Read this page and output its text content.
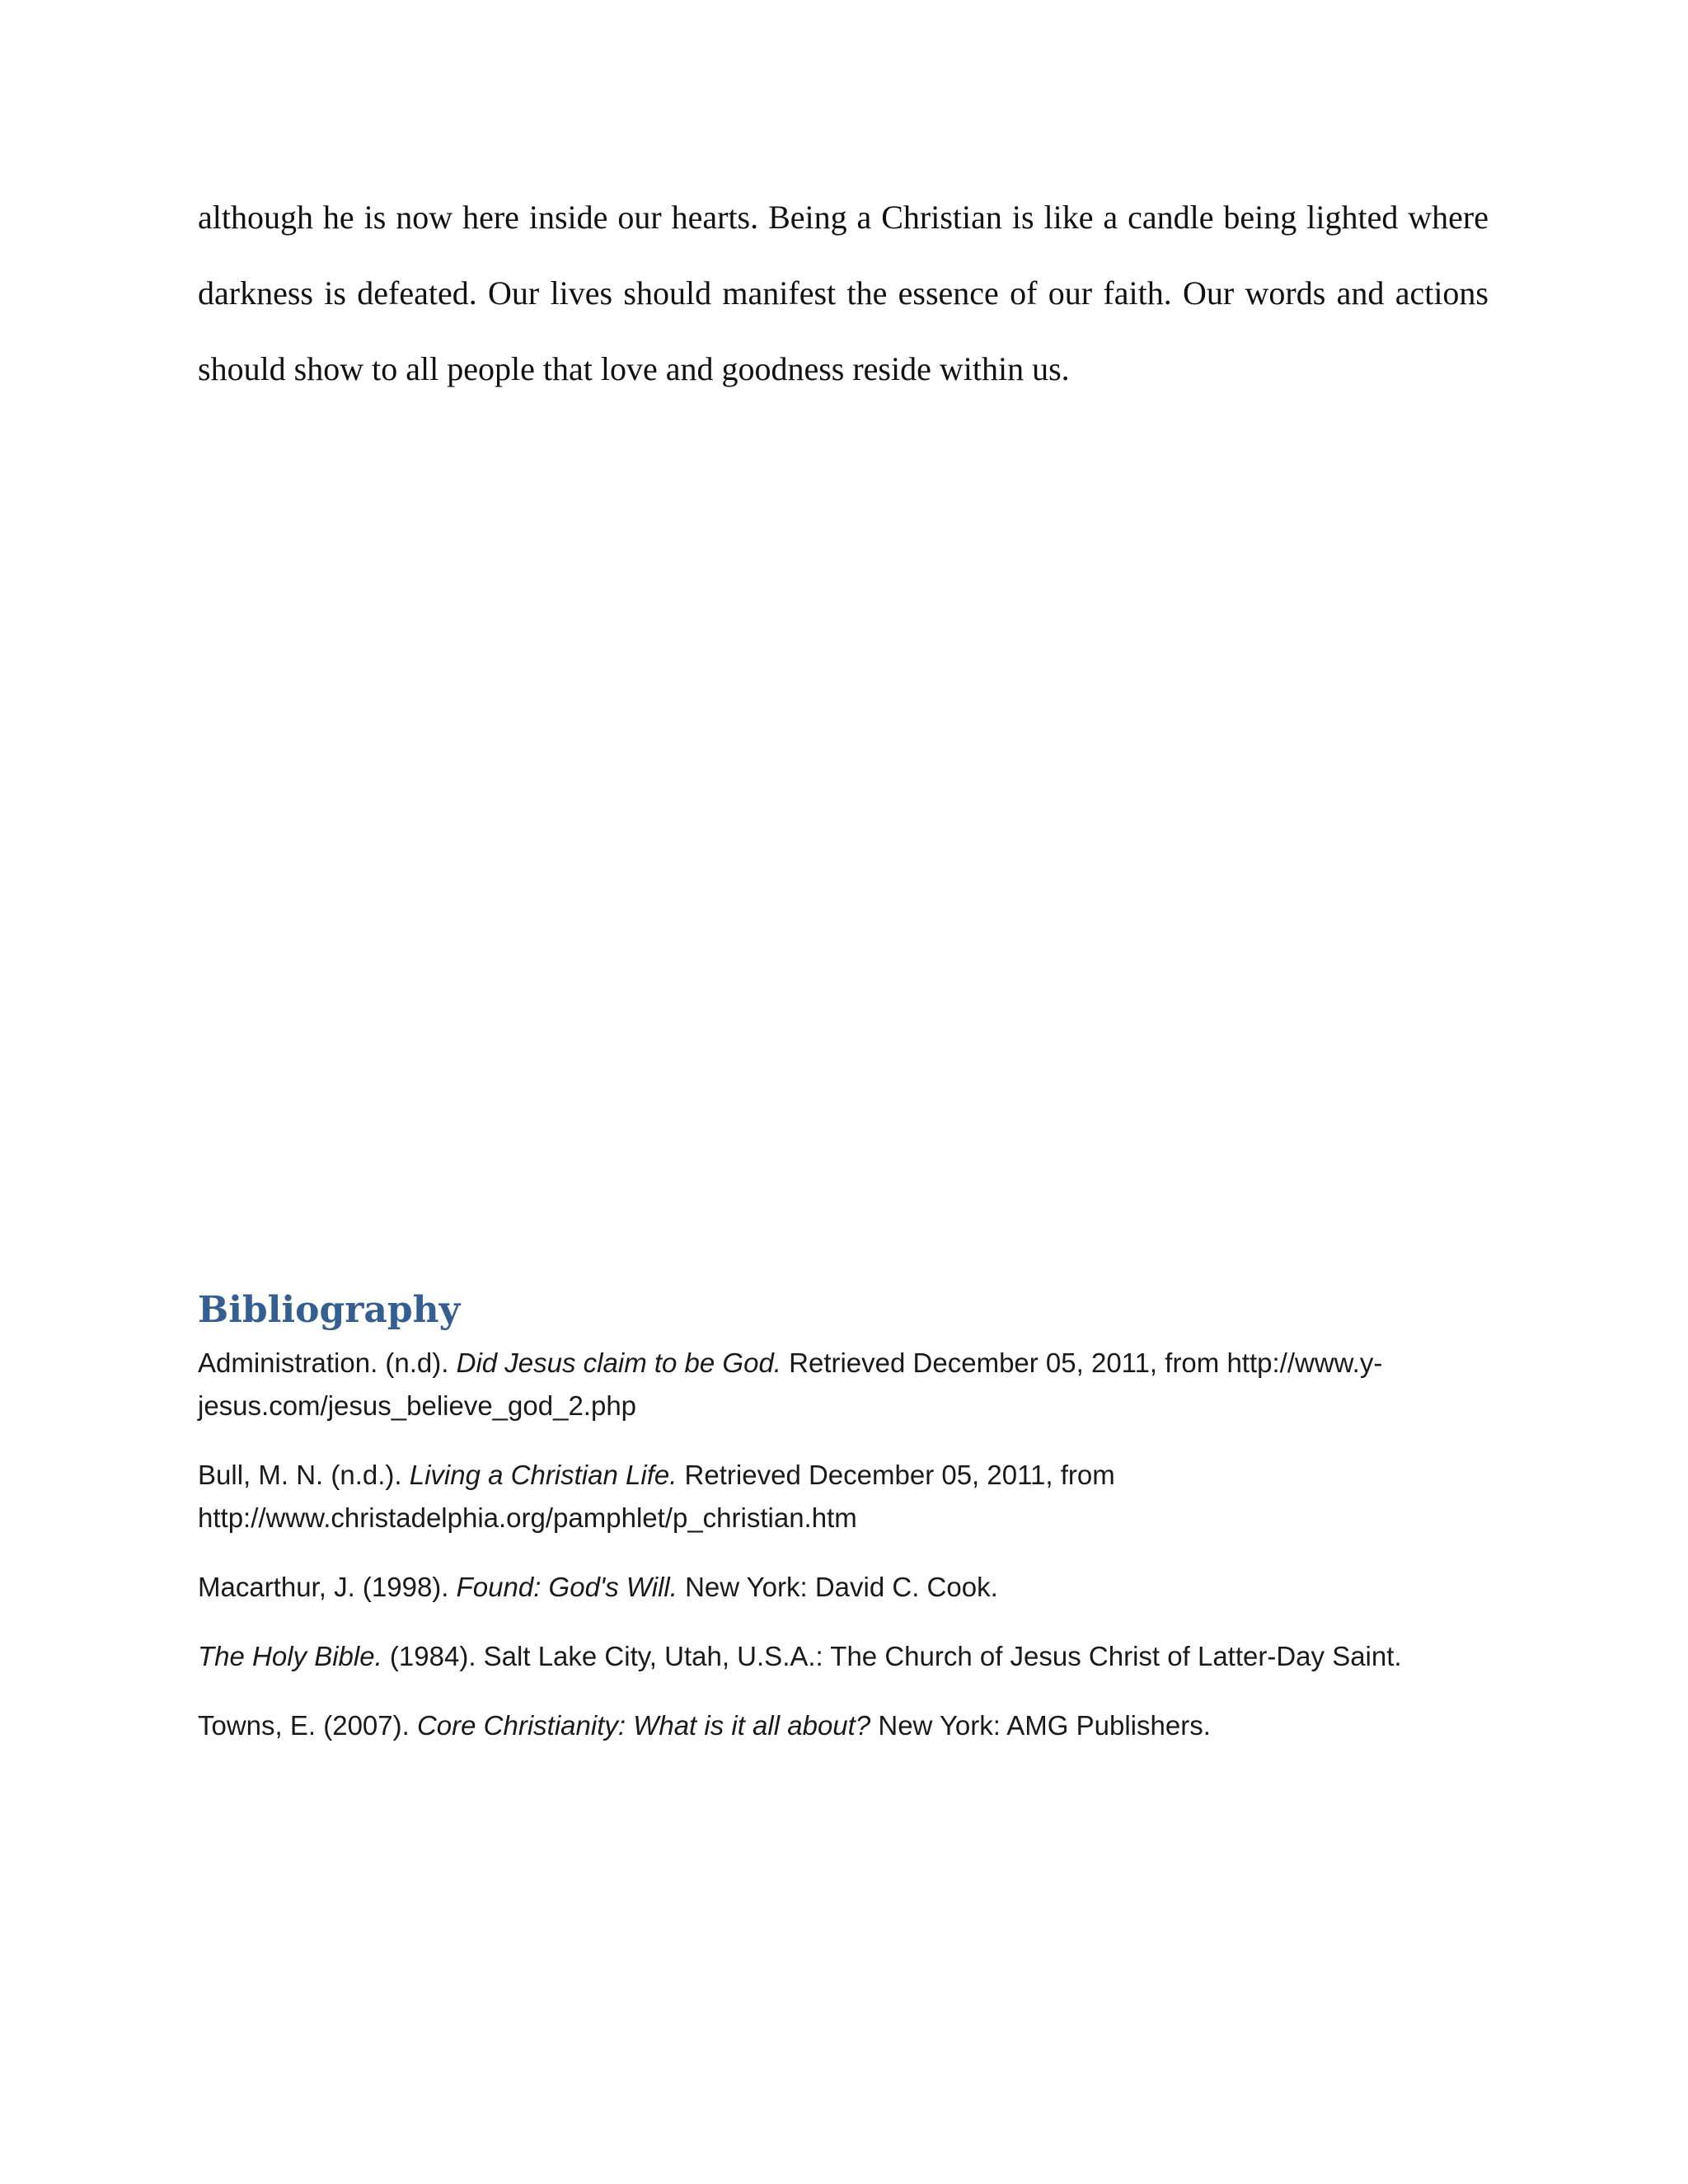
although he is now here inside our hearts. Being a Christian is like a candle being lighted where darkness is defeated. Our lives should manifest the essence of our faith. Our words and actions should show to all people that love and goodness reside within us.

Bibliography
Administration. (n.d). Did Jesus claim to be God. Retrieved December 05, 2011, from http://www.y-jesus.com/jesus_believe_god_2.php
Bull, M. N. (n.d.). Living a Christian Life. Retrieved December 05, 2011, from http://www.christadelphia.org/pamphlet/p_christian.htm
Macarthur, J. (1998). Found: God's Will. New York: David C. Cook.
The Holy Bible. (1984). Salt Lake City, Utah, U.S.A.: The Church of Jesus Christ of Latter-Day Saint.
Towns, E. (2007). Core Christianity: What is it all about? New York: AMG Publishers.
